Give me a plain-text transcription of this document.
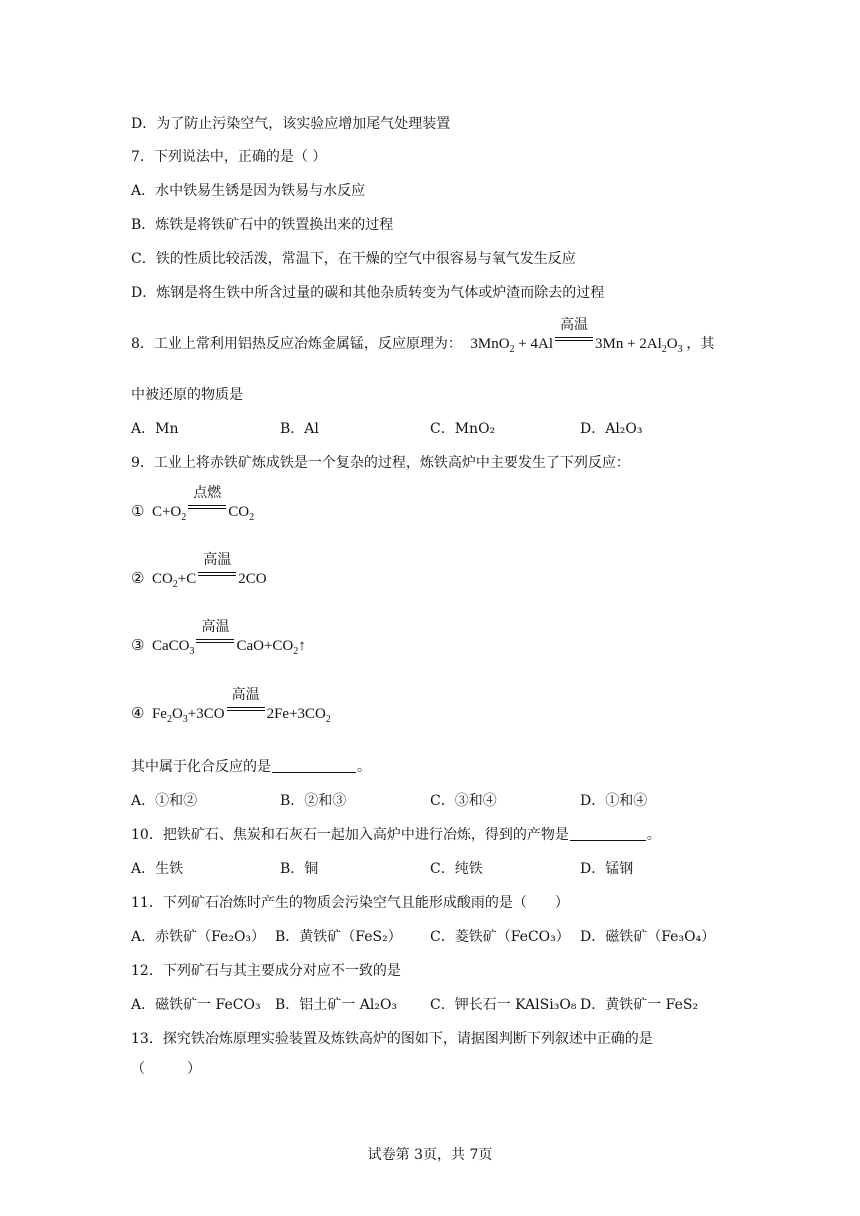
D．为了防止污染空气，该实验应增加尾气处理装置
7．下列说法中，正确的是（ ）
A．水中铁易生锈是因为铁易与水反应
B．炼铁是将铁矿石中的铁置换出来的过程
C．铁的性质比较活泼，常温下，在干燥的空气中很容易与氧气发生反应
D．炼钢是将生铁中所含过量的碳和其他杂质转变为气体或炉渣而除去的过程
8．工业上常利用铝热反应冶炼金属锰，反应原理为： 3MnO$_2$ + 4Al
高温
$3Mn + 2Al_2O_3$ ，其
中被还原的物质是
A．Mn	B．Al	C．MnO₂	D．Al₂O₃
9．工业上将赤铁矿炼成铁是一个复杂的过程，炼铁高炉中主要发生了下列反应：
① $C+O_2$
点燃
$CO_2$
② $CO_2+C$
高温
2CO
③ CaCO$_3$
高温
$CaO+CO_2↑$
④ $Fe_2O_3+3CO$
高温
$2Fe+3CO_2$
其中属于化合反应的是	。
A．①和②	B．②和③	C．③和④	D．①和④
10．把铁矿石、焦炭和石灰石一起加入高炉中进行冶炼，得到的产物是	。
A．生铁	B．铜	C．纯铁	D．锰钢
11．下列矿石冶炼时产生的物质会污染空气且能形成酸雨的是（　　）
A．赤铁矿（Fe₂O₃） B．黄铁矿（FeS₂） C．菱铁矿（FeCO₃） D．磁铁矿（Fe₃O₄）
12．下列矿石与其主要成分对应不一致的是
A．磁铁矿一 FeCO₃ B．铝土矿一 Al₂O₃ C．钾长石一 KAlSi₃O₈ D．黄铁矿一 FeS₂
13．探究铁冶炼原理实验装置及炼铁高炉的图如下，请据图判断下列叙述中正确的是
（　　　）
试卷第 3页，共 7页
